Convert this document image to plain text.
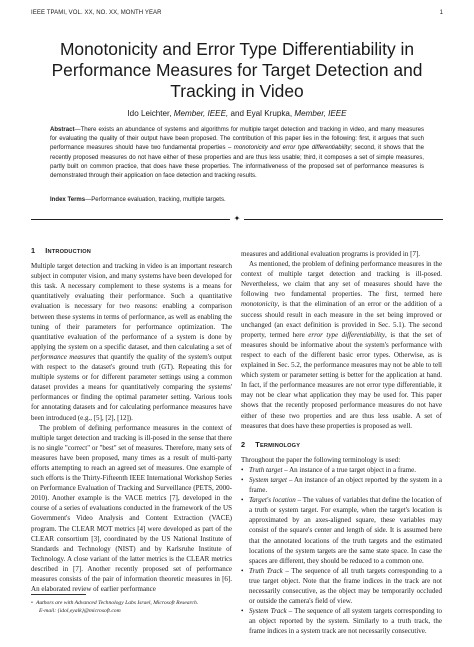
IEEE TPAMI, VOL. XX, NO. XX, MONTH YEAR	1
Monotonicity and Error Type Differentiability in
Performance Measures for Target Detection and
Tracking in Video
Ido Leichter, Member, IEEE, and Eyal Krupka, Member, IEEE
Abstract—There exists an abundance of systems and algorithms for multiple target detection and tracking in video, and many measures for evaluating the quality of their output have been proposed. The contribution of this paper lies in the following: first, it argues that such performance measures should have two fundamental properties – monotonicity and error type differentiability; second, it shows that the recently proposed measures do not have either of these properties and are thus less usable; third, it composes a set of simple measures, partly built on common practice, that does have these properties. The informativeness of the proposed set of performance measures is demonstrated through their application on face detection and tracking results.
Index Terms—Performance evaluation, tracking, multiple targets.
✦
1 INTRODUCTION

Multiple target detection and tracking in video is an important research subject in computer vision, and many systems have been developed for this task. A necessary complement to these systems is a means for quantitatively evaluating their performance. Such a quantitative evaluation is necessary for two reasons: enabling a comparison between these systems in terms of performance, as well as enabling the tuning of their parameters for performance optimization. The quantitative evaluation of the performance of a system is done by applying the system on a specific dataset, and then calculating a set of performance measures that quantify the quality of the system's output with respect to the dataset's ground truth (GT). Repeating this for multiple systems or for different parameter settings using a common dataset provides a means for quantitatively comparing the systems' performances or finding the optimal parameter setting. Various tools for annotating datasets and for calculating performance measures have been introduced (e.g., [5], [2], [12]).

The problem of defining performance measures in the context of multiple target detection and tracking is ill-posed in the sense that there is no single "correct" or "best" set of measures. Therefore, many sets of measures have been proposed, many times as a result of multi-party efforts attempting to reach an agreed set of measures. One example of such efforts is the Thirty-Fifteenth IEEE International Workshop Series on Performance Evaluation of Tracking and Surveillance (PETS, 2000-2010). Another example is the VACE metrics [7], developed in the course of a series of evaluations conducted in the framework of the US Government's Video Analysis and Content Extraction (VACE) program. The CLEAR MOT metrics [4] were developed as part of the CLEAR consortium [3], coordinated by the US National Institute of Standards and Technology (NIST) and by Karlsruhe Institute of Technology. A close variant of the latter metrics is the CLEAR metrics described in [7]. Another recently proposed set of performance measures consists of the pair of information theoretic measures in [6]. An elaborated review of earlier performance

measures and additional evaluation programs is provided in [7].

As mentioned, the problem of defining performance measures in the context of multiple target detection and tracking is ill-posed. Nevertheless, we claim that any set of measures should have the following two fundamental properties. The first, termed here monotonicity, is that the elimination of an error or the addition of a success should result in each measure in the set being improved or unchanged (an exact definition is provided in Sec. 5.1). The second property, termed here error type differentiability, is that the set of measures should be informative about the system's performance with respect to each of the different basic error types. Otherwise, as is explained in Sec. 5.2, the performance measures may not be able to tell which system or parameter setting is better for the application at hand. In fact, if the performance measures are not error type differentiable, it may not be clear what application they may be used for. This paper shows that the recently proposed performance measures do not have either of these two properties and are thus less usable. A set of measures that does have these properties is proposed as well.

2 TERMINOLOGY

Throughout the paper the following terminology is used:

• Truth target – An instance of a true target object in a frame.
• System target – An instance of an object reported by the system in a frame.
• Target's location – The values of variables that define the location of a truth or system target. For example, when the target's location is approximated by an axes-aligned square, these variables may consist of the square's center and length of side. It is assumed here that the annotated locations of the truth targets and the estimated locations of the system targets are the same state space. In case the spaces are different, they should be reduced to a common one.
• Truth Track – The sequence of all truth targets corresponding to a true target object. Note that the frame indices in the track are not necessarily consecutive, as the object may be temporarily occluded or outside the camera's field of view.
• System Track – The sequence of all system targets corresponding to an object reported by the system. Similarly to a truth track, the frame indices in a system track are not necessarily consecutive.
• Authors are with Advanced Technology Labs Israel, Microsoft Research.
E-mail: {idol,eyalk}@microsoft.com
